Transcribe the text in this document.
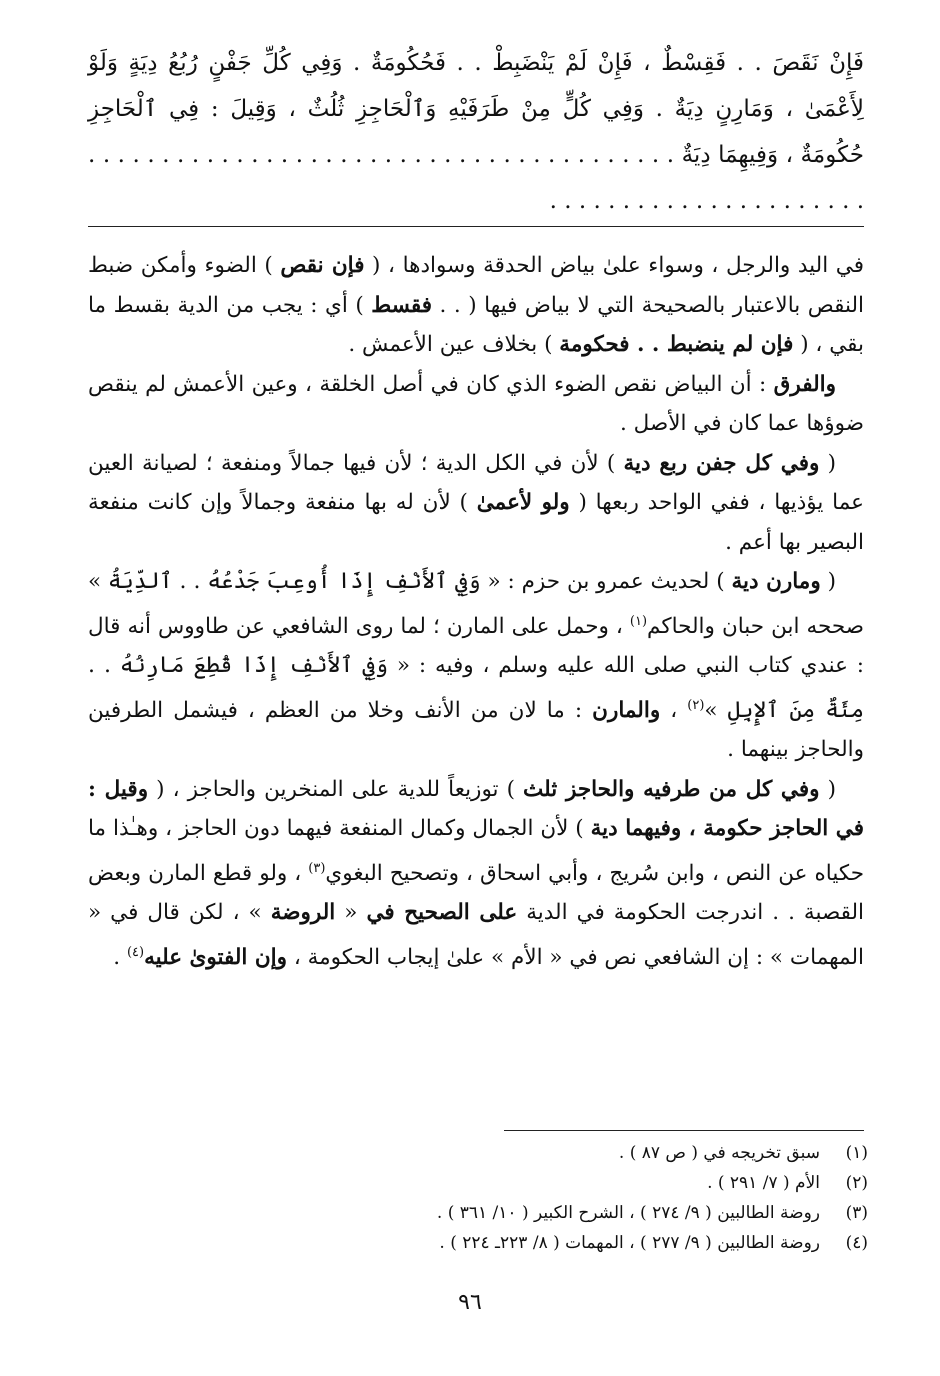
فَإِنْ نَقَصَ . . فَقِسْطٌ ، فَإِنْ لَمْ يَنْضَبِطْ . . فَحُكُومَةٌ . وَفِي كُلِّ جَفْنٍ رُبُعُ دِيَةٍ وَلَوْ لِأَعْمَىٰ ، وَمَارِنٍ دِيَةٌ . وَفِي كُلٍّ مِنْ طَرَفَيْهِ وَٱلْحَاجِزِ ثُلُثٌ ، وَقِيلَ : فِي ٱلْحَاجِزِ حُكُومَةٌ ، وَفِيهِمَا دِيَةٌ . . . . . . . . . . . . . . . . . . . . . . . . . . . . . . . . . . . . . . . . . . . . . . . . . . . . . . . . . . . . . .

في اليد والرجل ، وسواء علىٰ بياض الحدقة وسوادها ، ( فإن نقص ) الضوء وأمكن ضبط النقص بالاعتبار بالصحيحة التي لا بياض فيها ( . . فقسط ) أي : يجب من الدية بقسط ما بقي ، ( فإن لم ينضبط . . فحكومة ) بخلاف عين الأعمش .

والفرق : أن البياض نقص الضوء الذي كان في أصل الخلقة ، وعين الأعمش لم ينقص ضوؤها عما كان في الأصل .

( وفي كل جفن ربع دية ) لأن في الكل الدية ؛ لأن فيها جمالاً ومنفعة ؛ لصيانة العين عما يؤذيها ، ففي الواحد ربعها ( ولو لأعمىٰ ) لأن له بها منفعة وجمالاً وإن كانت منفعة البصير بها أعم .

( ومارن دية ) لحديث عمرو بن حزم : « وَفِي ٱلأَنْفِ إِذَا أُوعِبَ جَدْعُهُ . . ٱلدِّيَةُ » صححه ابن حبان والحاكم$^{(١)}$ ، وحمل على المارن ؛ لما روى الشافعي عن طاووس أنه قال : عندي كتاب النبي صلى الله عليه وسلم ، وفيه : « وَفِي ٱلأَنْفِ إِذَا قُطِعَ مَارِنُهُ . . مِئَةٌ مِنَ ٱلإِبِلِ »$^{(٢)}$ ، والمارن : ما لان من الأنف وخلا من العظم ، فيشمل الطرفين والحاجز بينهما .

( وفي كل من طرفيه والحاجز ثلث ) توزيعاً للدية على المنخرين والحاجز ، ( وقيل : في الحاجز حكومة ، وفيهما دية ) لأن الجمال وكمال المنفعة فيهما دون الحاجز ، وهـٰذا ما حكياه عن النص ، وابن سُريج ، وأبي اسحاق ، وتصحيح البغوي$^{(٣)}$ ، ولو قطع المارن وبعض القصبة . . اندرجت الحكومة في الدية على الصحيح في « الروضة » ، لكن قال في « المهمات » : إن الشافعي نص في « الأم » علىٰ إيجاب الحكومة ، وإن الفتوىٰ عليه$^{(٤)}$ .

(١)
سبق تخريجه في ( ص ٨٧ ) .
(٢)
الأم ( ٧/ ٢٩١ ) .
(٣)
روضة الطالبين ( ٩/ ٢٧٤ ) ، الشرح الكبير ( ١٠/ ٣٦١ ) .
(٤)
روضة الطالبين ( ٩/ ٢٧٧ ) ، المهمات ( ٨/ ٢٢٣ـ ٢٢٤ ) .
٩٦
